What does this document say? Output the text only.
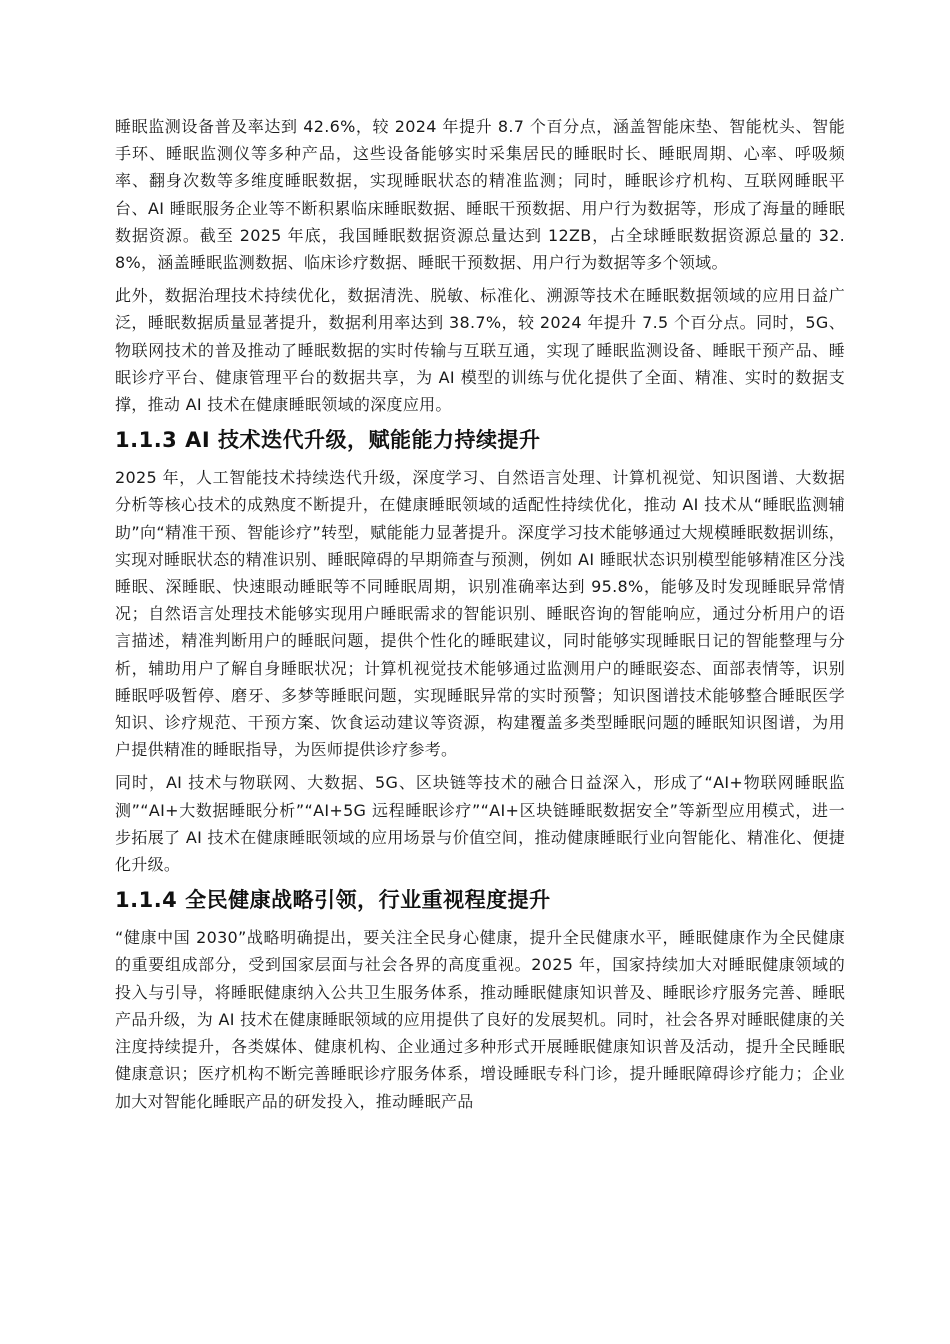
睡眠监测设备普及率达到 42.6%，较 2024 年提升 8.7 个百分点，涵盖智能床垫、智能枕头、智能手环、睡眠监测仪等多种产品，这些设备能够实时采集居民的睡眠时长、睡眠周期、心率、呼吸频率、翻身次数等多维度睡眠数据，实现睡眠状态的精准监测；同时，睡眠诊疗机构、互联网睡眠平台、AI 睡眠服务企业等不断积累临床睡眠数据、睡眠干预数据、用户行为数据等，形成了海量的睡眠数据资源。截至 2025 年底，我国睡眠数据资源总量达到 12ZB，占全球睡眠数据资源总量的 32.8%，涵盖睡眠监测数据、临床诊疗数据、睡眠干预数据、用户行为数据等多个领域。

此外，数据治理技术持续优化，数据清洗、脱敏、标准化、溯源等技术在睡眠数据领域的应用日益广泛，睡眠数据质量显著提升，数据利用率达到 38.7%，较 2024 年提升 7.5 个百分点。同时，5G、物联网技术的普及推动了睡眠数据的实时传输与互联互通，实现了睡眠监测设备、睡眠干预产品、睡眠诊疗平台、健康管理平台的数据共享，为 AI 模型的训练与优化提供了全面、精准、实时的数据支撑，推动 AI 技术在健康睡眠领域的深度应用。

1.1.3 AI 技术迭代升级，赋能能力持续提升

2025 年，人工智能技术持续迭代升级，深度学习、自然语言处理、计算机视觉、知识图谱、大数据分析等核心技术的成熟度不断提升，在健康睡眠领域的适配性持续优化，推动 AI 技术从“睡眠监测辅助”向“精准干预、智能诊疗”转型，赋能能力显著提升。深度学习技术能够通过大规模睡眠数据训练，实现对睡眠状态的精准识别、睡眠障碍的早期筛查与预测，例如 AI 睡眠状态识别模型能够精准区分浅睡眠、深睡眠、快速眼动睡眠等不同睡眠周期，识别准确率达到 95.8%，能够及时发现睡眠异常情况；自然语言处理技术能够实现用户睡眠需求的智能识别、睡眠咨询的智能响应，通过分析用户的语言描述，精准判断用户的睡眠问题，提供个性化的睡眠建议，同时能够实现睡眠日记的智能整理与分析，辅助用户了解自身睡眠状况；计算机视觉技术能够通过监测用户的睡眠姿态、面部表情等，识别睡眠呼吸暂停、磨牙、多梦等睡眠问题，实现睡眠异常的实时预警；知识图谱技术能够整合睡眠医学知识、诊疗规范、干预方案、饮食运动建议等资源，构建覆盖多类型睡眠问题的睡眠知识图谱，为用户提供精准的睡眠指导，为医师提供诊疗参考。

同时，AI 技术与物联网、大数据、5G、区块链等技术的融合日益深入，形成了“AI+物联网睡眠监测”“AI+大数据睡眠分析”“AI+5G 远程睡眠诊疗”“AI+区块链睡眠数据安全”等新型应用模式，进一步拓展了 AI 技术在健康睡眠领域的应用场景与价值空间，推动健康睡眠行业向智能化、精准化、便捷化升级。

1.1.4 全民健康战略引领，行业重视程度提升

“健康中国 2030”战略明确提出，要关注全民身心健康，提升全民健康水平，睡眠健康作为全民健康的重要组成部分，受到国家层面与社会各界的高度重视。2025 年，国家持续加大对睡眠健康领域的投入与引导，将睡眠健康纳入公共卫生服务体系，推动睡眠健康知识普及、睡眠诊疗服务完善、睡眠产品升级，为 AI 技术在健康睡眠领域的应用提供了良好的发展契机。同时，社会各界对睡眠健康的关注度持续提升，各类媒体、健康机构、企业通过多种形式开展睡眠健康知识普及活动，提升全民睡眠健康意识；医疗机构不断完善睡眠诊疗服务体系，增设睡眠专科门诊，提升睡眠障碍诊疗能力；企业加大对智能化睡眠产品的研发投入，推动睡眠产品
